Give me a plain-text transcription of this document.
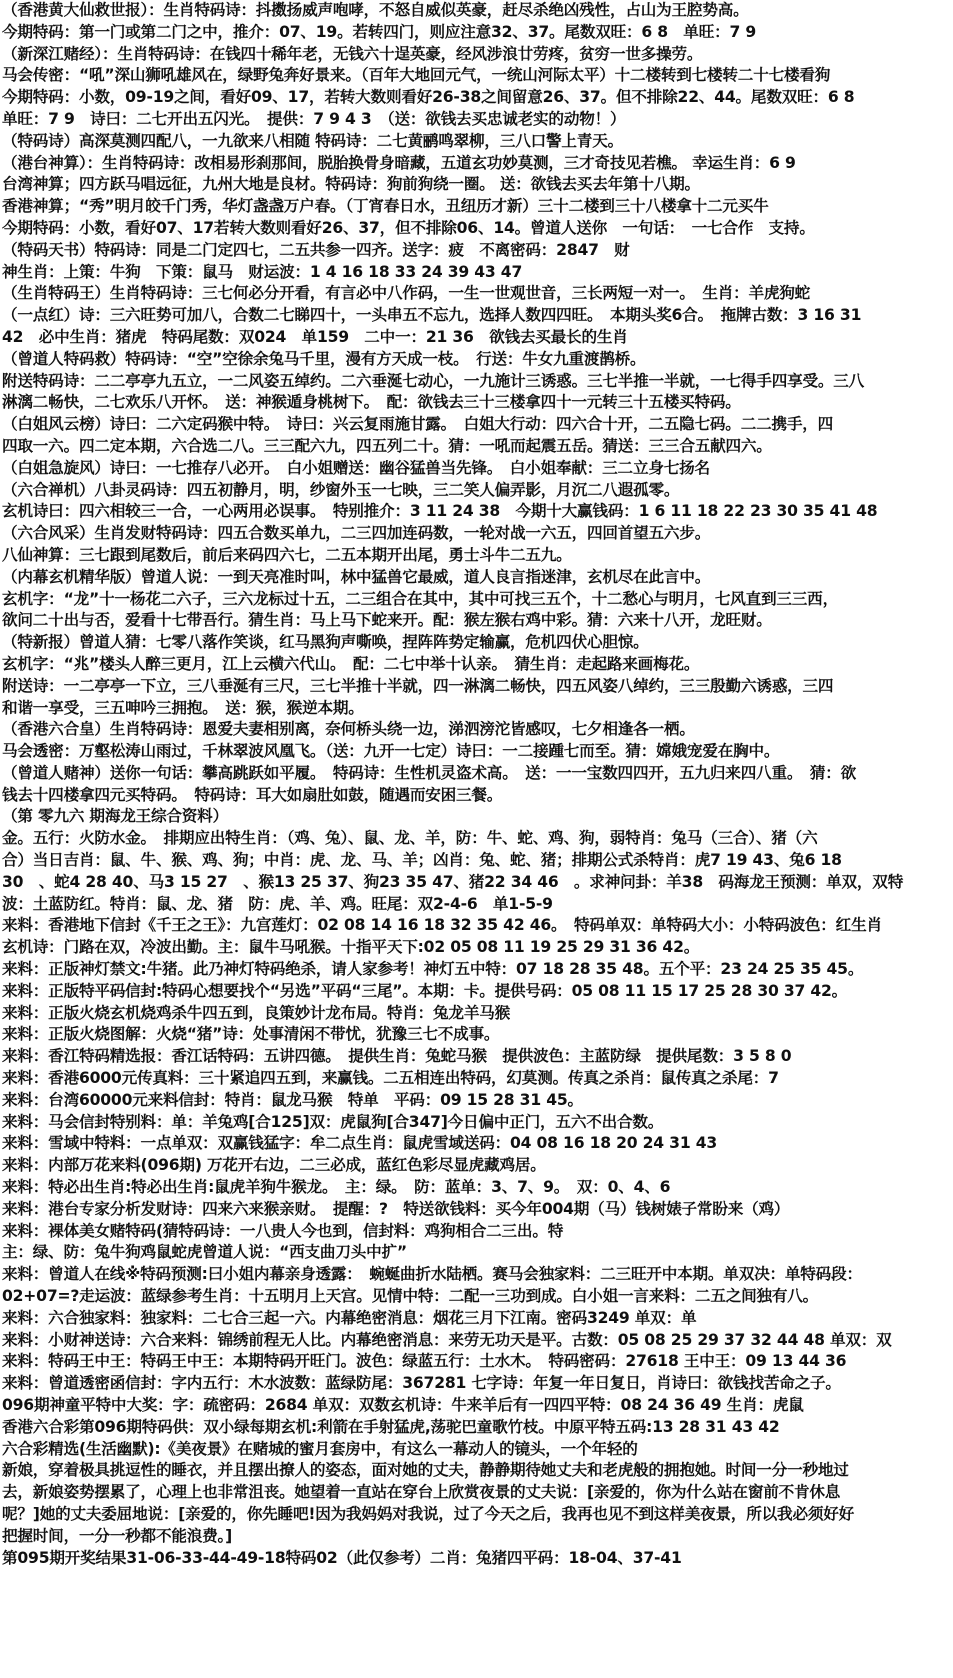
（香港黄大仙救世报）：生肖特码诗：抖擞扬威声咆哮，不怒自威似英豪，赶尽杀绝凶残性，占山为王腔势高。
今期特码：第一门或第二门之中，推介：07、19。若转四门，则应注意32、37。尾数双旺：6 8　单旺：7 9
（新深江赌经）：生肖特码诗：在钱四十稀年老，无钱六十逞英豪，经风涉浪廿劳疼，贫穷一世多操劳。
马会传密：“吼”深山狮吼雄风在，绿野兔奔好景来。（百年大地回元气，一统山河际太平）十二楼转到七楼转二十七楼看狗
今期特码：小数，09-19之间，看好09、17，若转大数则看好26-38之间留意26、37。但不排除22、44。尾数双旺：6 8
单旺：7 9　诗曰：二七开出五闪光。　提供：7 9 4 3　（送：欲钱去买忠诚老实的动物！）
（特码诗）高深莫测四配八，一九欲来八相随 特码诗：二七黄鹂鸣翠柳，三八口警上青天。
（港台神算）：生肖特码诗：改相易形刹那间，脱胎换骨身暗藏，五道玄功妙莫测，三才奇技见若樵。 幸运生肖：6 9
台湾神算；四方跃马唱远征，九州大地是良材。特码诗：狗前狗绕一圈。 送：欲钱去买去年第十八期。
香港神算；“秀”明月皎千门秀，华灯盏盏万户春。（丁宵春日水，丑纽历才新）三十二楼到三十八楼拿十二元买牛
今期特码：小数，看好07、17若转大数则看好26、37，但不排除06、14。曾道人送你　一句话：　一七合作　支持。
（特码天书）特码诗：同是二门定四七，二五共参一四齐。送字：疲　不离密码：2847　财
神生肖：上策：牛狗　下策：鼠马　财运波：1 4 16 18 33 24 39 43 47
（生肖特码王）生肖特码诗：三七何必分开看，有言必中八作码，一生一世观世音，三长两短一对一。　生肖：羊虎狗蛇
（一点红）诗：三六旺势可加八，合数二七睇四十，一头串五不忘九，选择人数四四旺。　本期头奖6合。　拖牌古数：3 16 31
42　必中生肖：猪虎　特码尾数：双024　单159　二中一：21 36　欲钱去买最长的生肖
（曾道人特码救）特码诗：“空”空徐余兔马千里，漫有方天成一枝。　行送：牛女九重渡鹊桥。
附送特码诗：二二亭亭九五立，一二风姿五绰约。二六垂涎七动心，一九施计三诱惑。三七半推一半就，一七得手四享受。三八
淋漓二畅快，二七欢乐八开怀。　送：神猴遁身桃树下。　配：欲钱去三十三楼拿四十一元转三十五楼买特码。
（白姐风云榜）诗曰：二六定码猴中特。　诗曰：兴云复雨施甘露。　白姐大行动：四六合十开，二五隐七码。二二携手，四
四取一六。四二定本期，六合选二八。三三配六九，四五列二十。猜：一吼而起震五岳。猜送：三三合五献四六。
（白姐急旋风）诗曰：一七推存八必开。　白小姐赠送：幽谷猛兽当先锋。　白小姐奉献：三二立身七扬名
（六合禅机）八卦灵码诗：四五初静月，明，纱窗外玉一七映，三二笑人偏弄影，月沉二八遐孤零。
玄机诗曰：四六相较三一合，一心两用必误事。　特别推介：3 11 24 38　今期十大赢钱码：1 6 11 18 22 23 30 35 41 48
（六合风采）生肖发财特码诗：四五合数买单九，二三四加连码数，一轮对战一六五，四回首望五六步。
八仙神算：三七跟到尾数后，前后来码四六七，二五本期开出尾，勇士斗牛二五九。
（内幕玄机精华版）曾道人说：一到天亮准时叫，林中猛兽它最威，道人良言指迷津，玄机尽在此言中。
玄机字：“龙”十一杨花二六子，三六龙标过十五，二三组合在其中，其中可找三五个，十二愁心与明月，七风直到三三西，
欲问二十出与否，爱看十七带吾行。猜生肖：马上马下蛇来开。配：猴左猴右鸡中彩。猜：六来十八开，龙旺财。
（特新报）曾道人猜：七零八落作笑谈，红马黑狗声嘶唤，捏阵阵势定输赢，危机四伏心胆惊。
玄机字：“兆”楼头人醉三更月，江上云横六代山。　配：二七中举十认亲。　猜生肖：走起路来画梅花。
附送诗：一二亭亭一下立，三八垂涎有三尺，三七半推十半就，四一淋漓二畅快，四五风姿八绰约，三三殷勤六诱惑，三四
和谐一享受，三五呻吟三拥抱。　送：猴，猴逆本期。
（香港六合皇）生肖特码诗：恩爱夫妻相别离，奈何桥头绕一边，涕泗滂沱皆感叹，七夕相逢各一栖。
马会透密：万壑松涛山雨过，千林翠波风凰飞。（送：九开一七定）诗曰：一二接踵七而至。猜：嫦娥宠爱在胸中。
（曾道人赌神）送你一句话：攀高跳跃如平履。　特码诗：生性机灵盗术高。　送：一一宝数四四开，五九归来四八重。　猜：欲
钱去十四楼拿四元买特码。　特码诗：耳大如扇肚如鼓，随遇而安困三餐。
（第 零九六 期海龙王综合资料）
金。五行：火防水金。　排期应出特生肖：（鸡、兔）、鼠、龙、羊，防：牛、蛇、鸡、狗，弱特肖：兔马（三合）、猪（六
合）当日吉肖：鼠、牛、猴、鸡、狗；中肖：虎、龙、马、羊；凶肖：兔、蛇、猪；排期公式杀特肖：虎7 19 43、兔6 18
30　、蛇4 28 40、马3 15 27　、猴13 25 37、狗23 35 47、猪22 34 46　。求神问卦：羊38　码海龙王预测：单双，双特
波：土蓝防红。特肖：鼠、龙、猪　防：虎、羊、鸡。旺尾：双2-4-6　单1-5-9
来料：香港地下信封《千王之王》：九宫莲灯：02 08 14 16 18 32 35 42 46。　特码单双：单特码大小：小特码波色：红生肖
玄机诗：门路在双，冷波出勤。主：鼠牛马吼猴。十指平天下:02 05 08 11 19 25 29 31 36 42。
来料：正版神灯禁文:牛猪。此乃神灯特码绝杀，请人家参考！神灯五中特：07 18 28 35 48。五个平：23 24 25 35 45。
来料：正版特平码信封:特码心想要找个“另选”平码“三尾”。本期：卡。提供号码：05 08 11 15 17 25 28 30 37 42。
来料：正版火烧玄机烧鸡杀牛四五到，良策妙计龙布局。特肖：兔龙羊马猴
来料：正版火烧图解：火烧“猪”诗：处事清闲不带忧，犹豫三七不成事。
来料：香江特码精选报：香江话特码：五讲四德。　提供生肖：兔蛇马猴　提供波色：主蓝防绿　提供尾数：3 5 8 0
来料：香港6000元传真料：三十紧追四五到，来赢钱。二五相连出特码，幻莫测。传真之杀肖：鼠传真之杀尾：7
来料：台湾60000元来料信封：特肖：鼠龙马猴　特单　平码：09 15 28 31 45。
来料：马会信封特别料：单：羊兔鸡[合125]双：虎鼠狗[合347]今日偏中正门，五六不出合数。
来料：雪域中特料：一点单双：双赢钱猛字：牟二点生肖：鼠虎雪域送码：04 08 16 18 20 24 31 43
来料：内部万花来料(096期) 万花开右边，二三必成，蓝红色彩尽显虎藏鸡居。
来料：特必出生肖:特必出生肖:鼠虎羊狗牛猴龙。　主：绿。　防：蓝单：3、7、9。　双：0、4、6
来料：港台专家分析发财诗：四来六来猴亲财。　提醒：?　特送欲钱料：买今年004期（马）钱树婊子常盼来（鸡）
来料：裸体美女赌特码(猜特码诗：一八贵人今也到，信封料：鸡狗相合二三出。特
主：绿、防：兔牛狗鸡鼠蛇虎曾道人说：“西支曲刀头中扩”
来料：曾道人在线※特码预测:曰小姐内幕亲身透露：　蜿蜒曲折水陆栖。赛马会独家料：二三旺开中本期。单双决：单特码段：
02+07=?走运波：蓝绿参考生肖：十五明月上天宫。见情中特：二配一三功到成。白小姐一言来料：二五之间独有八。
来料：六合独家料：独家料：二七合三起一六。内幕绝密消息：烟花三月下江南。密码3249 单双：单
来料：小财神送诗：六合来料：锦绣前程无人比。内幕绝密消息：来劳无功天是平。古数：05 08 25 29 37 32 44 48 单双：双
来料：特码王中王：特码王中王：本期特码开旺门。波色：绿蓝五行：土水木。　特码密码：27618 王中王：09 13 44 36
来料：曾道透密函信封：字内五行：木水波数：蓝绿防尾：367281 七字诗：年复一年日复日，肖诗曰：欲钱找苦命之子。
096期神童平特中大奖：字：疏密码：2684 单双：双数玄机诗：牛来羊后有一四四平特：08 24 36 49 生肖：虎鼠
香港六合彩第096期特码供：双小绿每期玄机:利箭在手射猛虎,荡驼巴童歌竹枝。中原平特五码:13 28 31 43 42
六合彩精选(生活幽默):《美夜景》在赌城的蜜月套房中，有这么一幕动人的镜头，一个年轻的
新娘，穿着极具挑逗性的睡衣，并且摆出撩人的姿态，面对她的丈夫，静静期待她丈夫和老虎般的拥抱她。时间一分一秒地过
去，新娘姿势摆累了，心理上也非常沮丧。她望着一直站在穿台上欣赏夜景的丈夫说：[亲爱的，你为什么站在窗前不肯休息
呢？]她的丈夫委屈地说：[亲爱的，你先睡吧!因为我妈妈对我说，过了今天之后，我再也见不到这样美夜景，所以我必须好好
把握时间，一分一秒都不能浪费。]
第095期开奖结果31-06-33-44-49-18特码02（此仅参考）二肖：兔猪四平码：18-04、37-41
